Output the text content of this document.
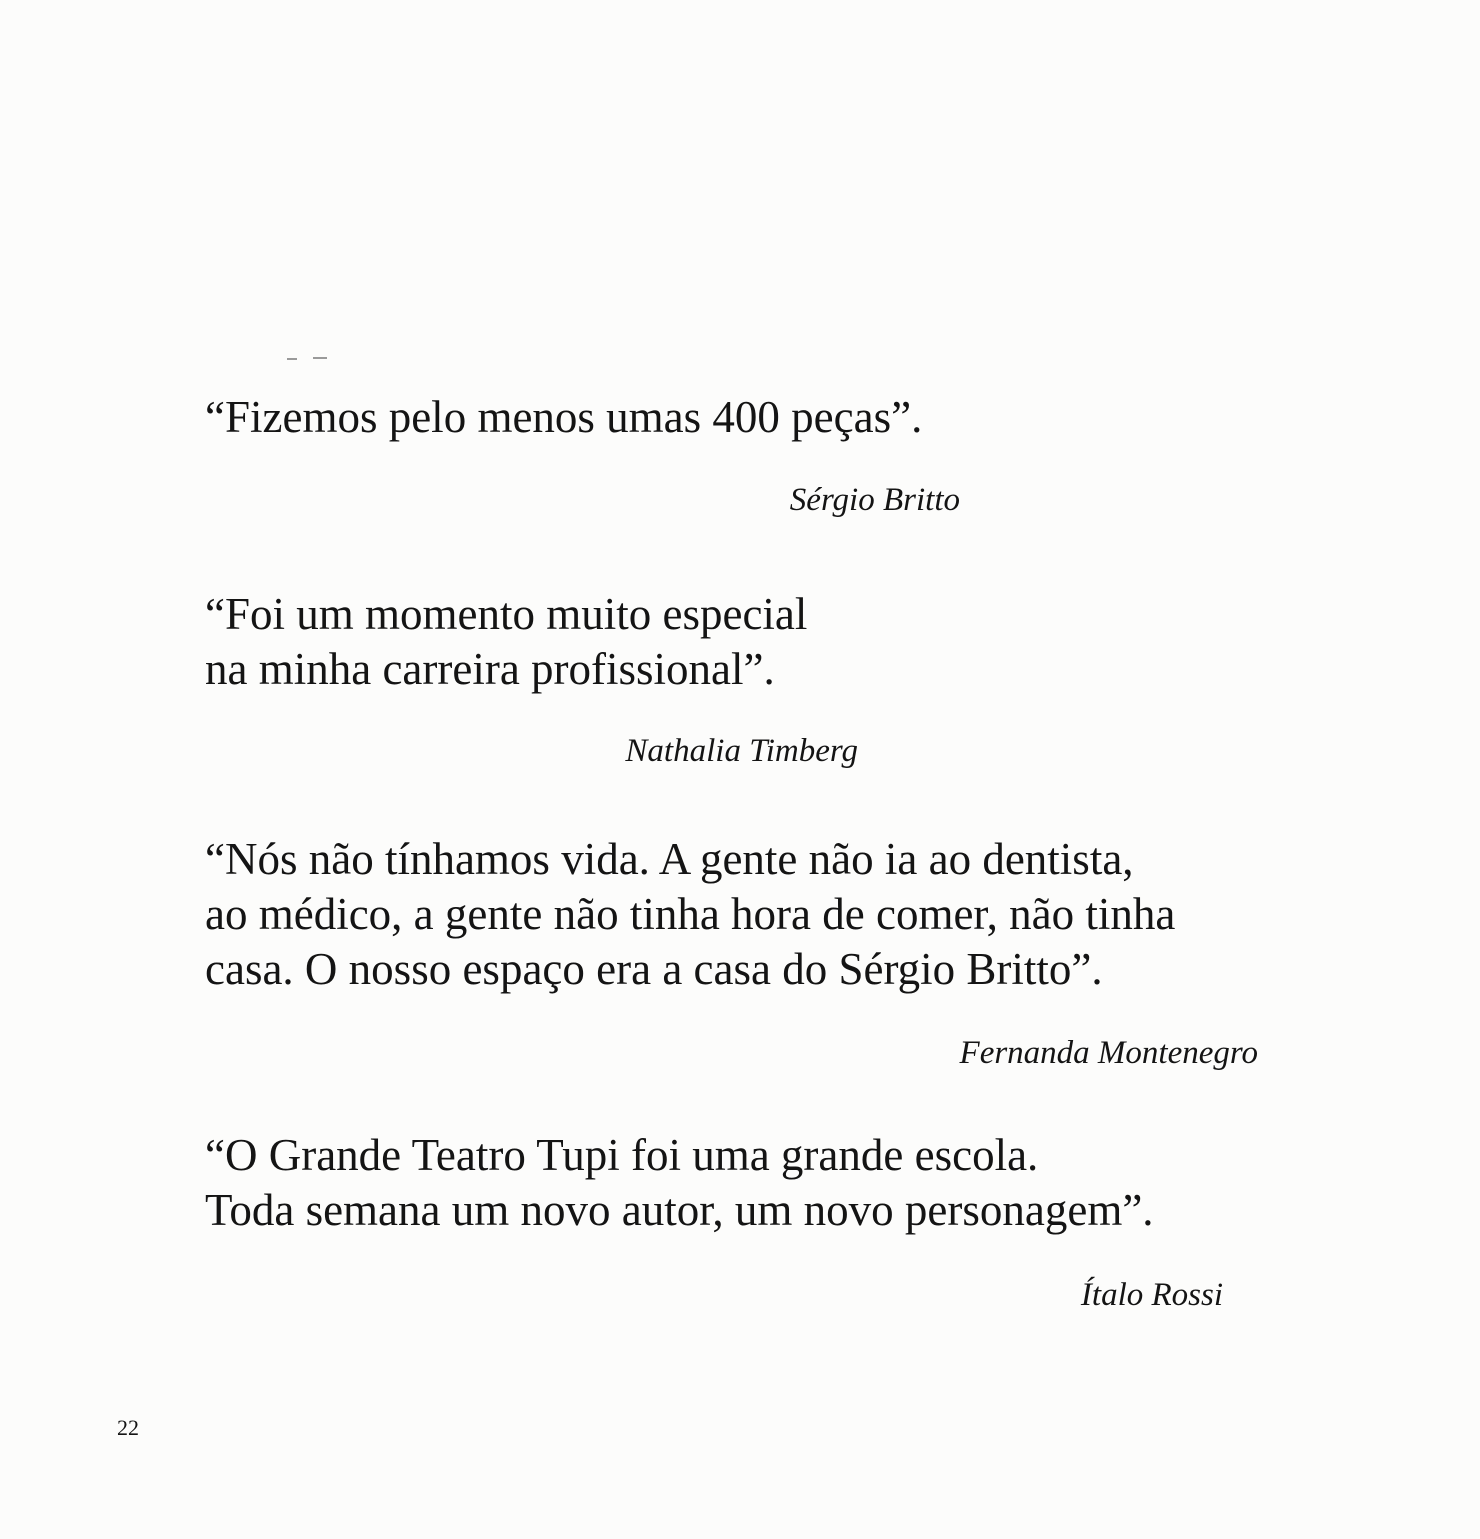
“Fizemos pelo menos umas 400 peças”.
Sérgio Britto
“Foi um momento muito especial
na minha carreira profissional”.
Nathalia Timberg
“Nós não tínhamos vida. A gente não ia ao dentista,
ao médico, a gente não tinha hora de comer, não tinha
casa. O nosso espaço era a casa do Sérgio Britto”.
Fernanda Montenegro
“O Grande Teatro Tupi foi uma grande escola.
Toda semana um novo autor, um novo personagem”.
Ítalo Rossi
22
